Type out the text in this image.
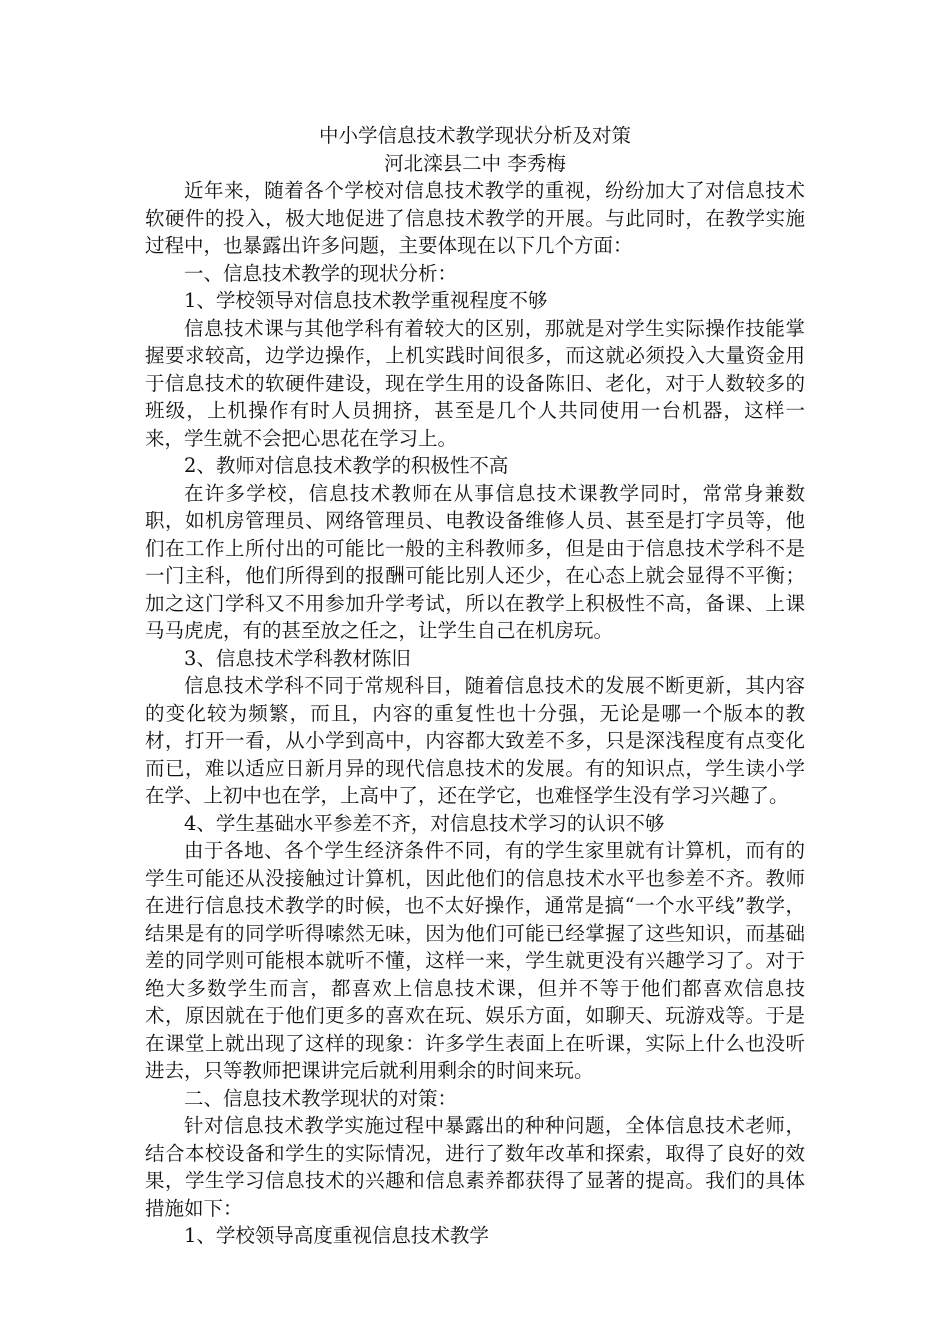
中小学信息技术教学现状分析及对策
河北滦县二中 李秀梅

近年来，随着各个学校对信息技术教学的重视，纷纷加大了对信息技术软硬件的投入，极大地促进了信息技术教学的开展。与此同时，在教学实施过程中，也暴露出许多问题，主要体现在以下几个方面：

一、信息技术教学的现状分析：

1、学校领导对信息技术教学重视程度不够

信息技术课与其他学科有着较大的区别，那就是对学生实际操作技能掌握要求较高，边学边操作，上机实践时间很多，而这就必须投入大量资金用于信息技术的软硬件建设，现在学生用的设备陈旧、老化，对于人数较多的班级，上机操作有时人员拥挤，甚至是几个人共同使用一台机器，这样一来，学生就不会把心思花在学习上。

2、教师对信息技术教学的积极性不高

在许多学校，信息技术教师在从事信息技术课教学同时，常常身兼数职，如机房管理员、网络管理员、电教设备维修人员、甚至是打字员等，他们在工作上所付出的可能比一般的主科教师多，但是由于信息技术学科不是一门主科，他们所得到的报酬可能比别人还少，在心态上就会显得不平衡；加之这门学科又不用参加升学考试，所以在教学上积极性不高，备课、上课马马虎虎，有的甚至放之任之，让学生自己在机房玩。

3、信息技术学科教材陈旧

信息技术学科不同于常规科目，随着信息技术的发展不断更新，其内容的变化较为频繁，而且，内容的重复性也十分强，无论是哪一个版本的教材，打开一看，从小学到高中，内容都大致差不多，只是深浅程度有点变化而已，难以适应日新月异的现代信息技术的发展。有的知识点，学生读小学在学、上初中也在学，上高中了，还在学它，也难怪学生没有学习兴趣了。

4、学生基础水平参差不齐，对信息技术学习的认识不够

由于各地、各个学生经济条件不同，有的学生家里就有计算机，而有的学生可能还从没接触过计算机，因此他们的信息技术水平也参差不齐。教师在进行信息技术教学的时候，也不太好操作，通常是搞“一个水平线”教学，结果是有的同学听得嗦然无味，因为他们可能已经掌握了这些知识，而基础差的同学则可能根本就听不懂，这样一来，学生就更没有兴趣学习了。对于绝大多数学生而言，都喜欢上信息技术课，但并不等于他们都喜欢信息技术，原因就在于他们更多的喜欢在玩、娱乐方面，如聊天、玩游戏等。于是在课堂上就出现了这样的现象：许多学生表面上在听课，实际上什么也没听进去，只等教师把课讲完后就利用剩余的时间来玩。

二、信息技术教学现状的对策：

针对信息技术教学实施过程中暴露出的种种问题，全体信息技术老师，结合本校设备和学生的实际情况，进行了数年改革和探索，取得了良好的效果，学生学习信息技术的兴趣和信息素养都获得了显著的提高。我们的具体措施如下：

1、学校领导高度重视信息技术教学
